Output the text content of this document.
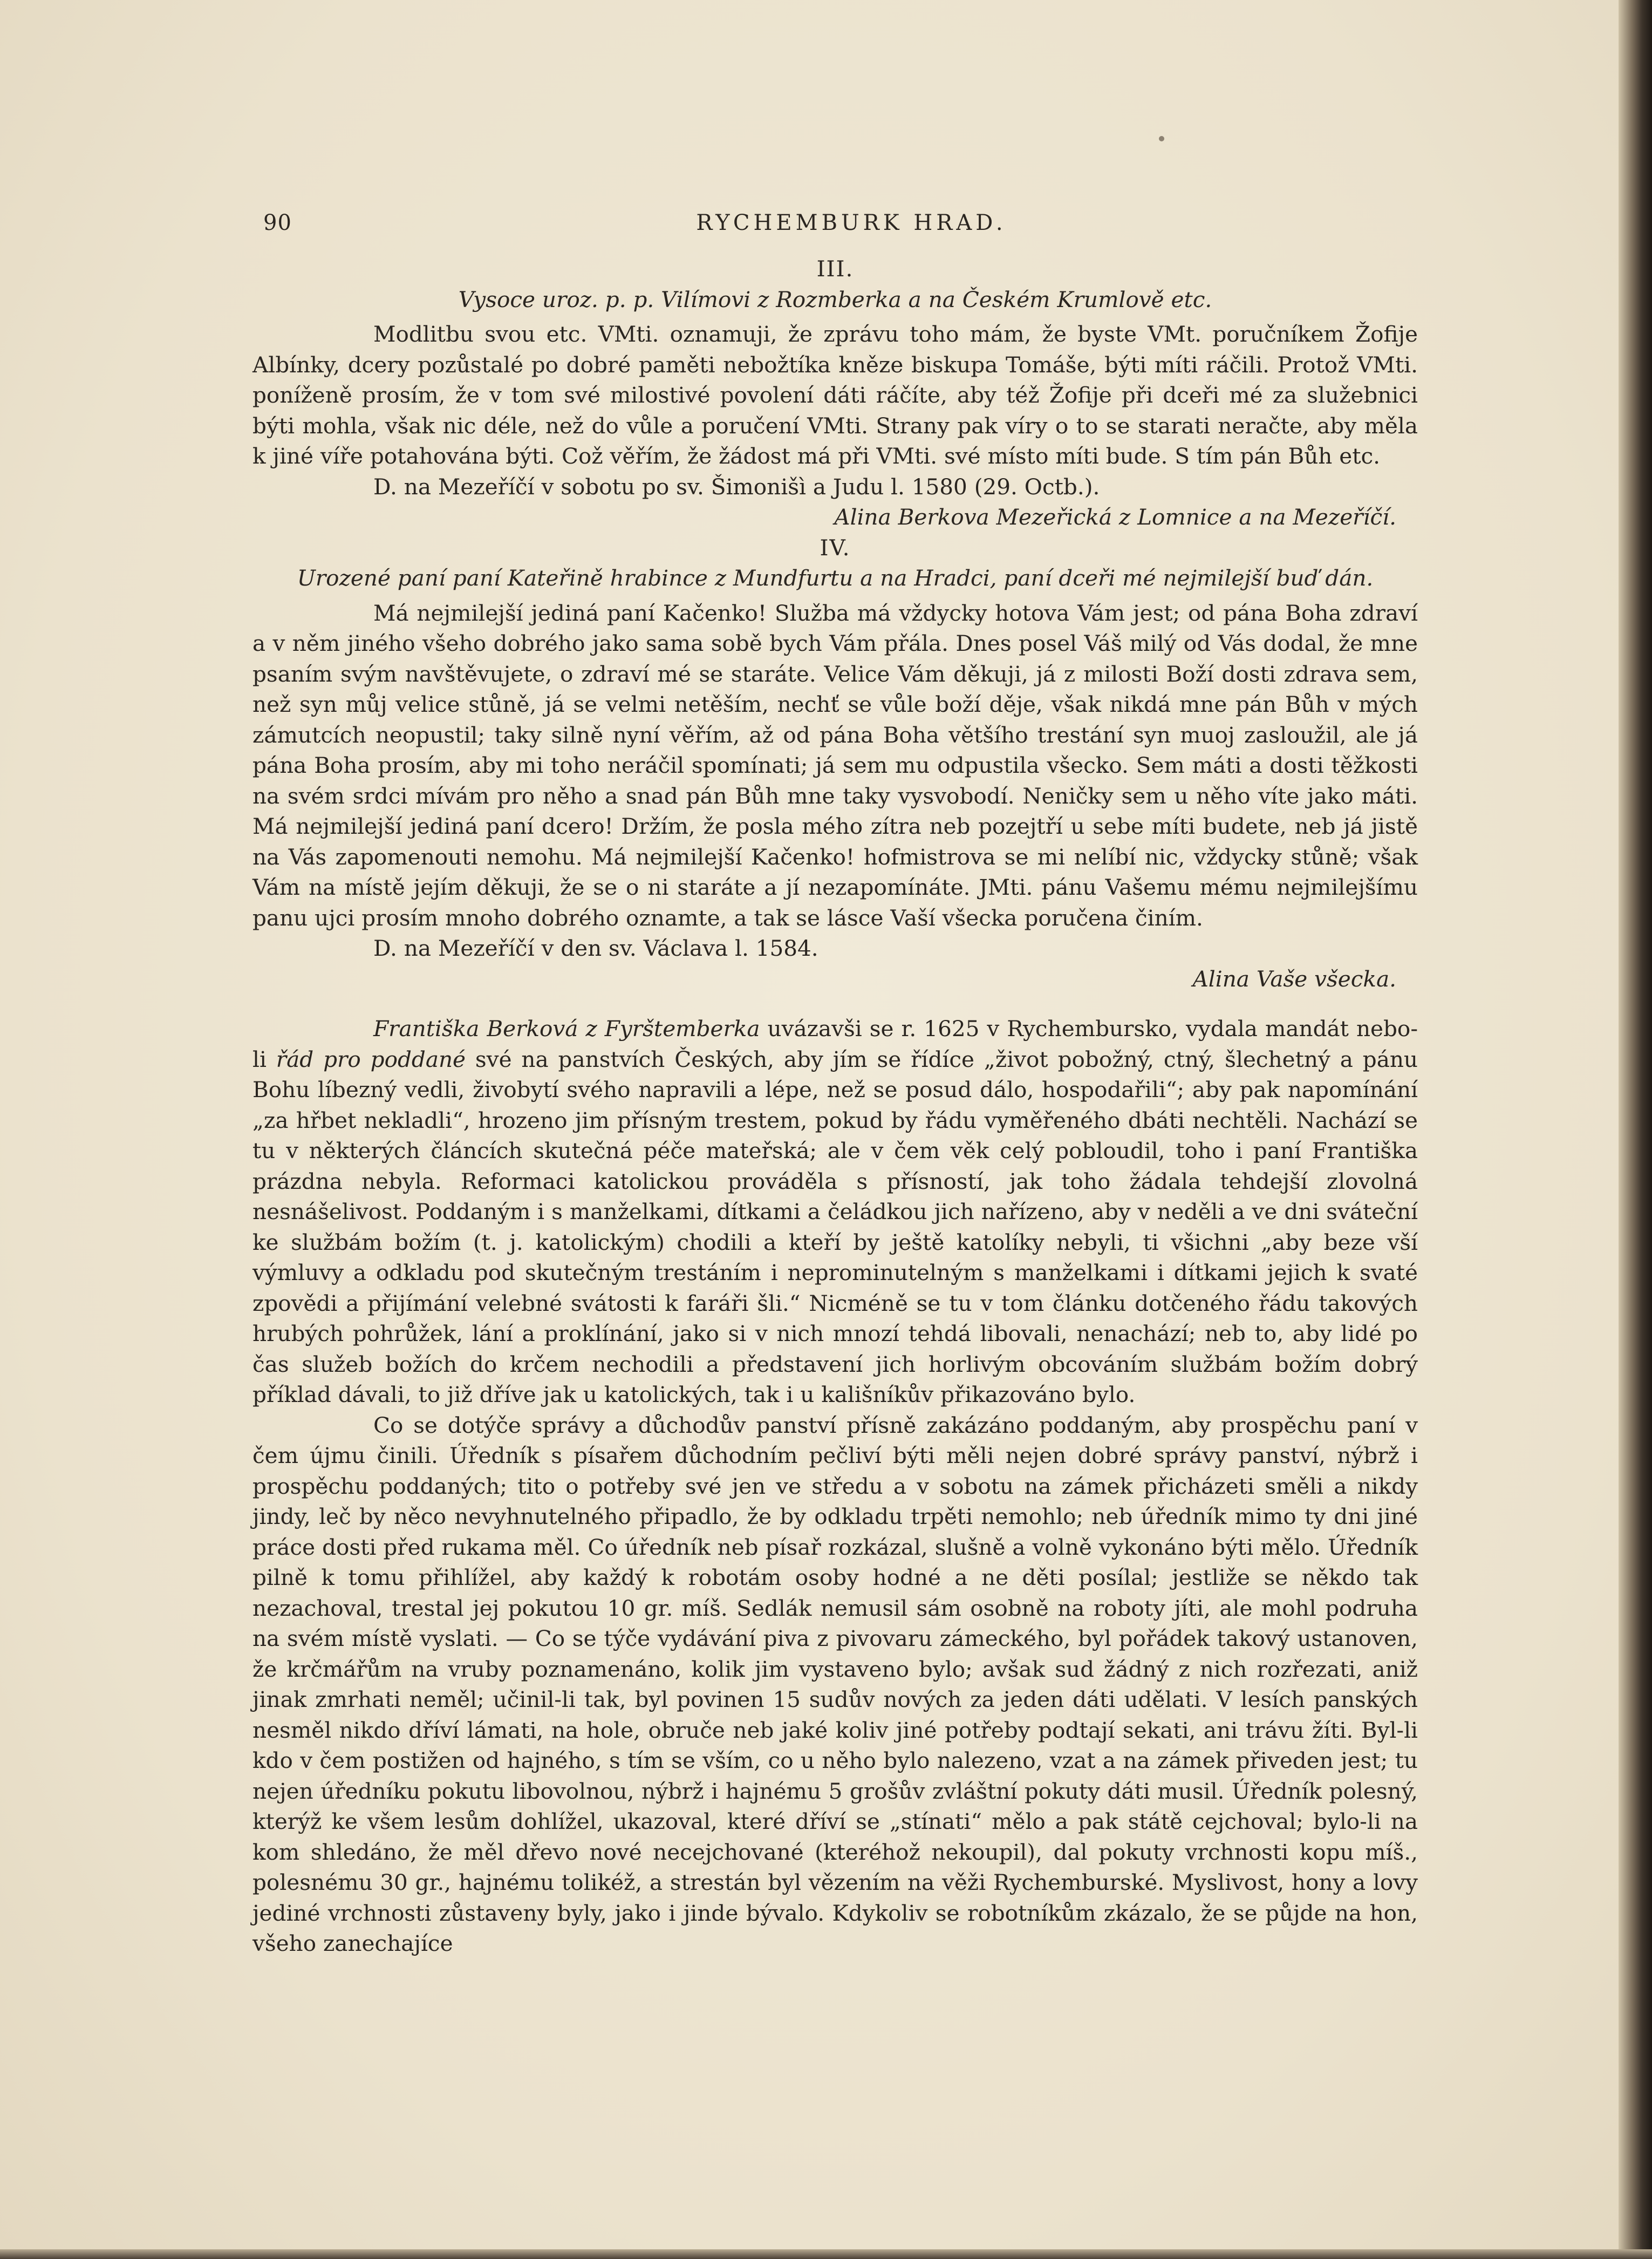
90	RYCHEMBURK HRAD.

III.

Vysoce uroz. p. p. Vilímovi z Rozmberka a na Českém Krumlově etc.

Modlitbu svou etc. VMti. oznamuji, že zprávu toho mám, že byste VMt. poručníkem Žofije Albínky, dcery pozůstalé po dobré paměti nebožtíka kněze biskupa Tomáše, býti míti ráčili. Protož VMti. poníženě prosím, že v tom své milostivé povolení dáti ráčíte, aby též Žofije při dceři mé za služebnici býti mohla, však nic déle, než do vůle a poručení VMti. Strany pak víry o to se starati neračte, aby měla k jiné víře potahována býti. Což věřím, že žádost má při VMti. své místo míti bude. S tím pán Bůh etc.

D. na Mezeříčí v sobotu po sv. Šimonišì a Judu l. 1580 (29. Octb.).

Alina Berkova Mezeřická z Lomnice a na Mezeříčí.

IV.

Urozené paní paní Kateřině hrabince z Mundfurtu a na Hradci, paní dceři mé nejmilejší buď dán.

Má nejmilejší jediná paní Kačenko! Služba má vždycky hotova Vám jest; od pána Boha zdraví a v něm jiného všeho dobrého jako sama sobě bych Vám přála. Dnes posel Váš milý od Vás dodal, že mne psaním svým navštěvujete, o zdraví mé se staráte. Velice Vám děkuji, já z milosti Boží dosti zdrava sem, než syn můj velice stůně, já se velmi netěším, nechť se vůle boží děje, však nikdá mne pán Bůh v mých zámutcích neopustil; taky silně nyní věřím, až od pána Boha většího trestání syn muoj zasloužil, ale já pána Boha prosím, aby mi toho neráčil spomínati; já sem mu odpustila všecko. Sem máti a dosti těžkosti na svém srdci mívám pro něho a snad pán Bůh mne taky vysvobodí. Neničky sem u něho víte jako máti. Má nejmilejší jediná paní dcero! Držím, že posla mého zítra neb pozejtří u sebe míti budete, neb já jistě na Vás zapomenouti nemohu. Má nejmilejší Kačenko! hofmistrova se mi nelíbí nic, vždycky stůně; však Vám na místě jejím děkuji, že se o ni staráte a jí nezapomínáte. JMti. pánu Vašemu mému nejmilejšímu panu ujci prosím mnoho dobrého oznamte, a tak se lásce Vaší všecka poručena činím.

D. na Mezeříčí v den sv. Václava l. 1584.

Alina Vaše všecka.

Františka Berková z Fyrštemberka uvázavši se r. 1625 v Rychembursko, vydala mandát nebo-li řád pro poddané své na panstvích Českých, aby jím se řídíce „život pobožný, ctný, šlechetný a pánu Bohu líbezný vedli, živobytí svého napravili a lépe, než se posud dálo, hospodařili“; aby pak napomínání „za hřbet nekladli“, hrozeno jim přísným trestem, pokud by řádu vyměřeného dbáti nechtěli. Nachází se tu v některých článcích skutečná péče mateřská; ale v čem věk celý pobloudil, toho i paní Františka prázdna nebyla. Reformaci katolickou prováděla s přísností, jak toho žádala tehdejší zlovolná nesnášelivost. Poddaným i s manželkami, dítkami a čeládkou jich nařízeno, aby v neděli a ve dni sváteční ke službám božím (t. j. katolickým) chodili a kteří by ještě katolíky nebyli, ti všichni „aby beze vší výmluvy a odkladu pod skutečným trestáním i neprominutelným s manželkami i dítkami jejich k svaté zpovědi a přijímání velebné svátosti k faráři šli.“ Nicméně se tu v tom článku dotčeného řádu takových hrubých pohrůžek, lání a proklínání, jako si v nich mnozí tehdá libovali, nenachází; neb to, aby lidé po čas služeb božích do krčem nechodili a představení jich horlivým obcováním službám božím dobrý příklad dávali, to již dříve jak u katolických, tak i u kališníkův přikazováno bylo.

Co se dotýče správy a důchodův panství přísně zakázáno poddaným, aby prospěchu paní v čem újmu činili. Úředník s písařem důchodním pečliví býti měli nejen dobré správy panství, nýbrž i prospěchu poddaných; tito o potřeby své jen ve středu a v sobotu na zámek přicházeti směli a nikdy jindy, leč by něco nevyhnutelného připadlo, že by odkladu trpěti nemohlo; neb úředník mimo ty dni jiné práce dosti před rukama měl. Co úředník neb písař rozkázal, slušně a volně vykonáno býti mělo. Úředník pilně k tomu přihlížel, aby každý k robotám osoby hodné a ne děti posílal; jestliže se někdo tak nezachoval, trestal jej pokutou 10 gr. míš. Sedlák nemusil sám osobně na roboty jíti, ale mohl podruha na svém místě vyslati. — Co se týče vydávání piva z pivovaru zámeckého, byl pořádek takový ustanoven, že krčmářům na vruby poznamenáno, kolik jim vystaveno bylo; avšak sud žádný z nich rozřezati, aniž jinak zmrhati neměl; učinil-li tak, byl povinen 15 sudův nových za jeden dáti udělati. V lesích panských nesměl nikdo dříví lámati, na hole, obruče neb jaké koliv jiné potřeby podtají sekati, ani trávu žíti. Byl-li kdo v čem postižen od hajného, s tím se vším, co u něho bylo nalezeno, vzat a na zámek přiveden jest; tu nejen úředníku pokutu libovolnou, nýbrž i hajnému 5 grošův zvláštní pokuty dáti musil. Úředník polesný, kterýž ke všem lesům dohlížel, ukazoval, které dříví se „stínati“ mělo a pak státě cejchoval; bylo-li na kom shledáno, že měl dřevo nové necejchované (kteréhož nekoupil), dal pokuty vrchnosti kopu míš., polesnému 30 gr., hajnému tolikéž, a strestán byl vězením na věži Rychemburské. Myslivost, hony a lovy jediné vrchnosti zůstaveny byly, jako i jinde bývalo. Kdykoliv se robotníkům zkázalo, že se půjde na hon, všeho zanechajíce
